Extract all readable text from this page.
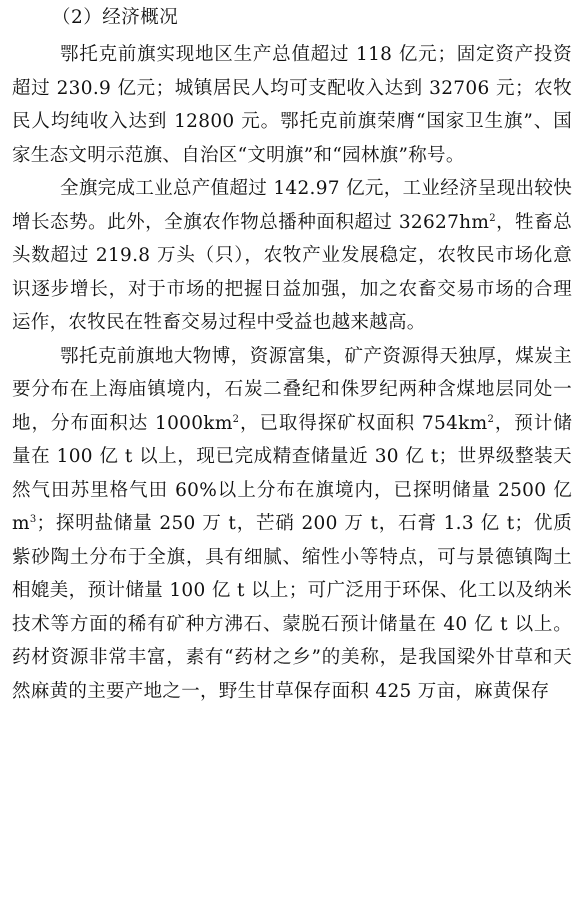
（2）经济概况

鄂托克前旗实现地区生产总值超过 118 亿元；固定资产投资超过 230.9 亿元；城镇居民人均可支配收入达到 32706 元；农牧民人均纯收入达到 12800 元。鄂托克前旗荣膺“国家卫生旗”、国家生态文明示范旗、自治区“文明旗”和“园林旗”称号。

全旗完成工业总产值超过 142.97 亿元，工业经济呈现出较快增长态势。此外，全旗农作物总播种面积超过 $32627hm^2$，牲畜总头数超过 219.8 万头（只），农牧产业发展稳定，农牧民市场化意识逐步增长，对于市场的把握日益加强，加之农畜交易市场的合理运作，农牧民在牲畜交易过程中受益也越来越高。

鄂托克前旗地大物博，资源富集，矿产资源得天独厚，煤炭主要分布在上海庙镇境内，石炭二叠纪和侏罗纪两种含煤地层同处一地，分布面积达 $1000km^2$，已取得探矿权面积 $754km^2$，预计储量在 100 亿 t 以上，现已完成精查储量近 30 亿 t；世界级整装天然气田苏里格气田 60%以上分布在旗境内，已探明储量 2500 亿 $m^3$；探明盐储量 250 万 t，芒硝 200 万 t，石膏 1.3 亿 t；优质紫砂陶土分布于全旗，具有细腻、缩性小等特点，可与景德镇陶土相媲美，预计储量 100 亿 t 以上；可广泛用于环保、化工以及纳米技术等方面的稀有矿种方沸石、蒙脱石预计储量在 40 亿 t 以上。药材资源非常丰富，素有“药材之乡”的美称，是我国梁外甘草和天然麻黄的主要产地之一，野生甘草保存面积 425 万亩，麻黄保存
